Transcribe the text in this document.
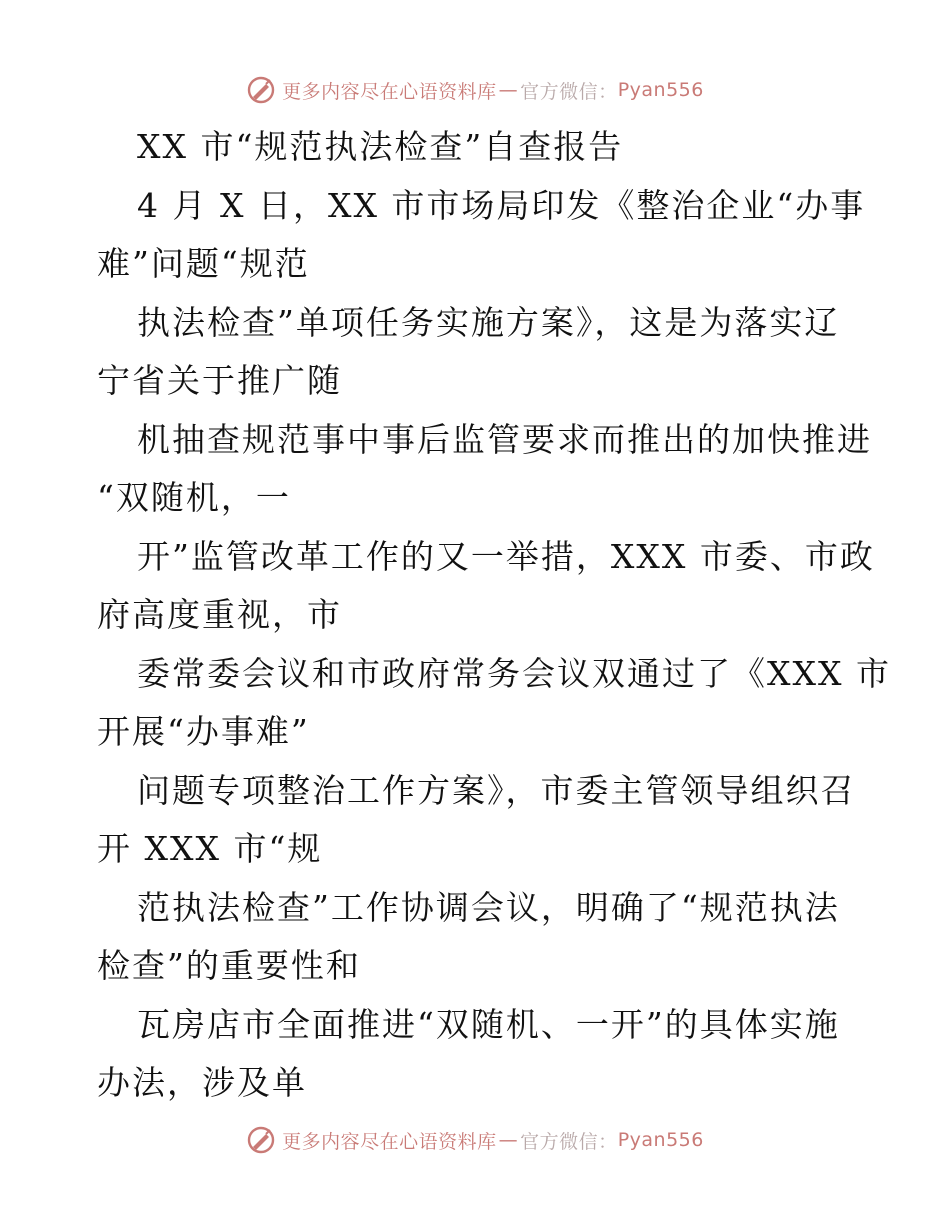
更多内容尽在心语资料库 — 官方微信： Pyan556
XX 市“规范执法检查”自查报告
4 月 X 日，XX 市市场局印发《整治企业“办事
难”问题“规范
执法检查”单项任务实施方案》，这是为落实辽
宁省关于推广随
机抽查规范事中事后监管要求而推出的加快推进
“双随机，一
开”监管改革工作的又一举措，XXX 市委、市政
府高度重视，市
委常委会议和市政府常务会议双通过了《XXX 市
开展“办事难”
问题专项整治工作方案》，市委主管领导组织召
开 XXX 市“规
范执法检查”工作协调会议，明确了“规范执法
检查”的重要性和
瓦房店市全面推进“双随机、一开”的具体实施
办法，涉及单
更多内容尽在心语资料库 — 官方微信： Pyan556
